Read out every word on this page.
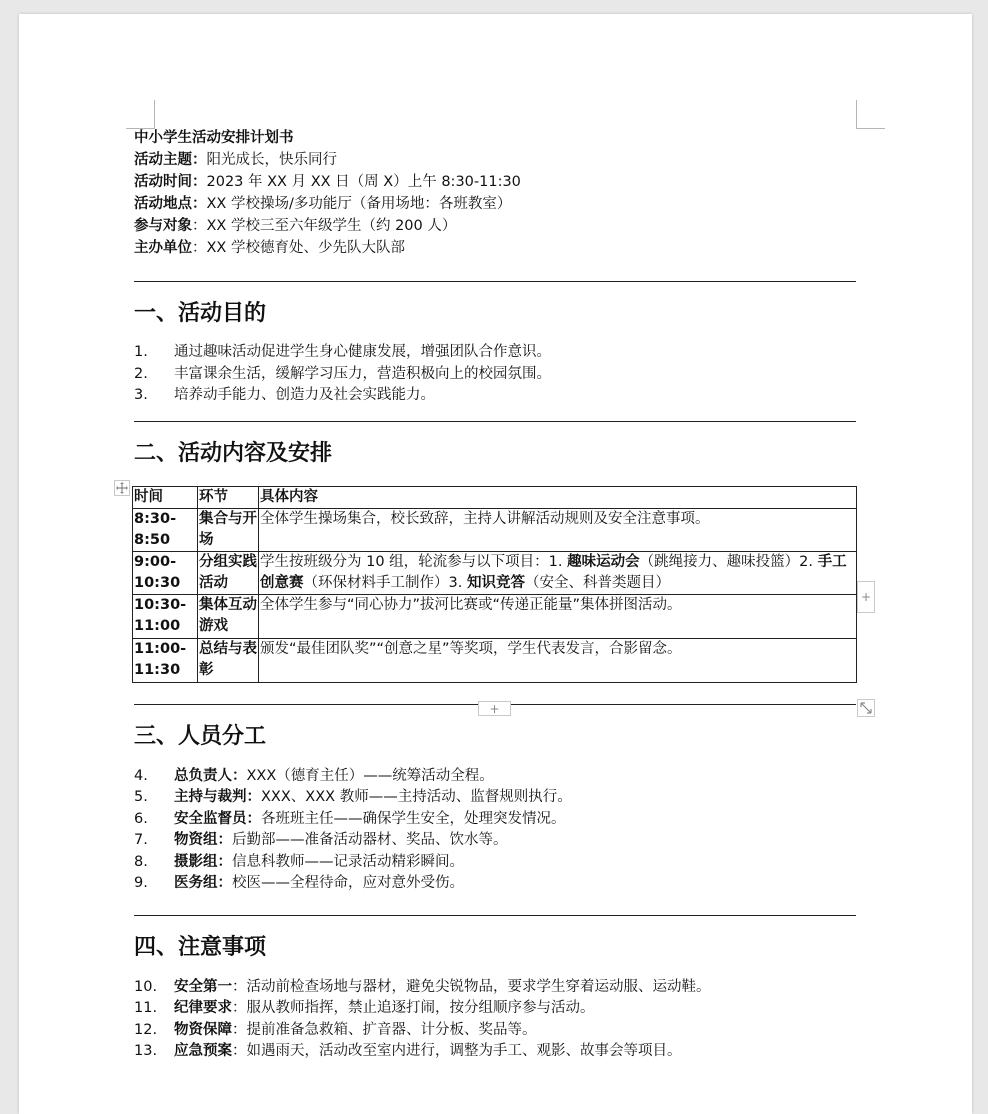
中小学生活动安排计划书
活动主题：阳光成长，快乐同行
活动时间：2023 年 XX 月 XX 日（周 X）上午 8:30-11:30
活动地点：XX 学校操场/多功能厅（备用场地：各班教室）
参与对象：XX 学校三至六年级学生（约 200 人）
主办单位：XX 学校德育处、少先队大队部
一、活动目的
1. 通过趣味活动促进学生身心健康发展，增强团队合作意识。
2. 丰富课余生活，缓解学习压力，营造积极向上的校园氛围。
3. 培养动手能力、创造力及社会实践能力。
二、活动内容及安排
时间	环节	具体内容
8:30-8:50	集合与开场	全体学生操场集合，校长致辞，主持人讲解活动规则及安全注意事项。
9:00-10:30	分组实践活动	学生按班级分为 10 组，轮流参与以下项目：1. 趣味运动会（跳绳接力、趣味投篮）2. 手工创意赛（环保材料手工制作）3. 知识竞答（安全、科普类题目）
10:30-11:00	集体互动游戏	全体学生参与“同心协力”拔河比赛或“传递正能量”集体拼图活动。
11:00-11:30	总结与表彰	颁发“最佳团队奖”“创意之星”等奖项，学生代表发言，合影留念。
三、人员分工
4. 总负责人：XXX（德育主任）——统筹活动全程。
5. 主持与裁判：XXX、XXX 教师——主持活动、监督规则执行。
6. 安全监督员：各班班主任——确保学生安全，处理突发情况。
7. 物资组：后勤部——准备活动器材、奖品、饮水等。
8. 摄影组：信息科教师——记录活动精彩瞬间。
9. 医务组：校医——全程待命，应对意外受伤。
四、注意事项
10. 安全第一：活动前检查场地与器材，避免尖锐物品，要求学生穿着运动服、运动鞋。
11. 纪律要求：服从教师指挥，禁止追逐打闹，按分组顺序参与活动。
12. 物资保障：提前准备急救箱、扩音器、计分板、奖品等。
13. 应急预案：如遇雨天，活动改至室内进行，调整为手工、观影、故事会等项目。
+
+
